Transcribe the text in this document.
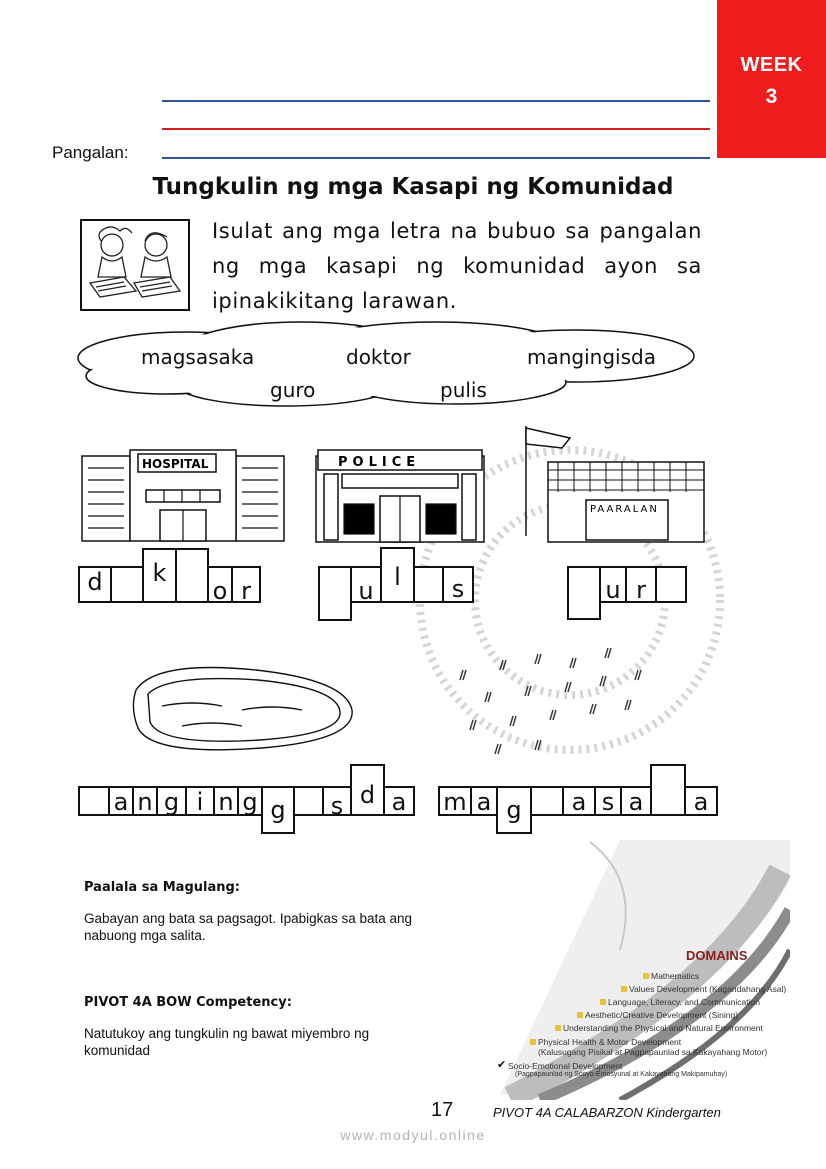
WEEK
3
Pangalan:
Tungkulin ng mga Kasapi ng Komunidad
Isulat ang mga letra na bubuo sa pangalan ng mga kasapi ng komunidad ayon sa ipinakikitang larawan.
magsasaka	doktor	mangingisda
guro	pulis
HOSPITAL	POLICE
PAARALAN
d	k
o r	u l	s	u r
a n g i n g g	s d a	m a g	a s a	a
Paalala sa Magulang:
Gabayan ang bata sa pagsagot. Ipabigkas sa bata ang nabuong mga salita.
PIVOT 4A BOW Competency:
Natutukoy ang tungkulin ng bawat miyembro ng komunidad
DOMAINS
Mathematics
Values Development (Kagandahang Asal)
Language, Literacy, and Communication
Aesthetic/Creative Development (Sining)
Understanding the Physical and Natural Environment
Physical Health & Motor Development
(Kalusugang Pisikal at Pagpapaunlad sa Kakayahang Motor)
✔ Socio-Emotional Development
(Pagpapaunlad ng Sosyo-Emosyunal at Kakayahang Makipamuhay)
17	PIVOT 4A CALABARZON Kindergarten
www.modyul.online
